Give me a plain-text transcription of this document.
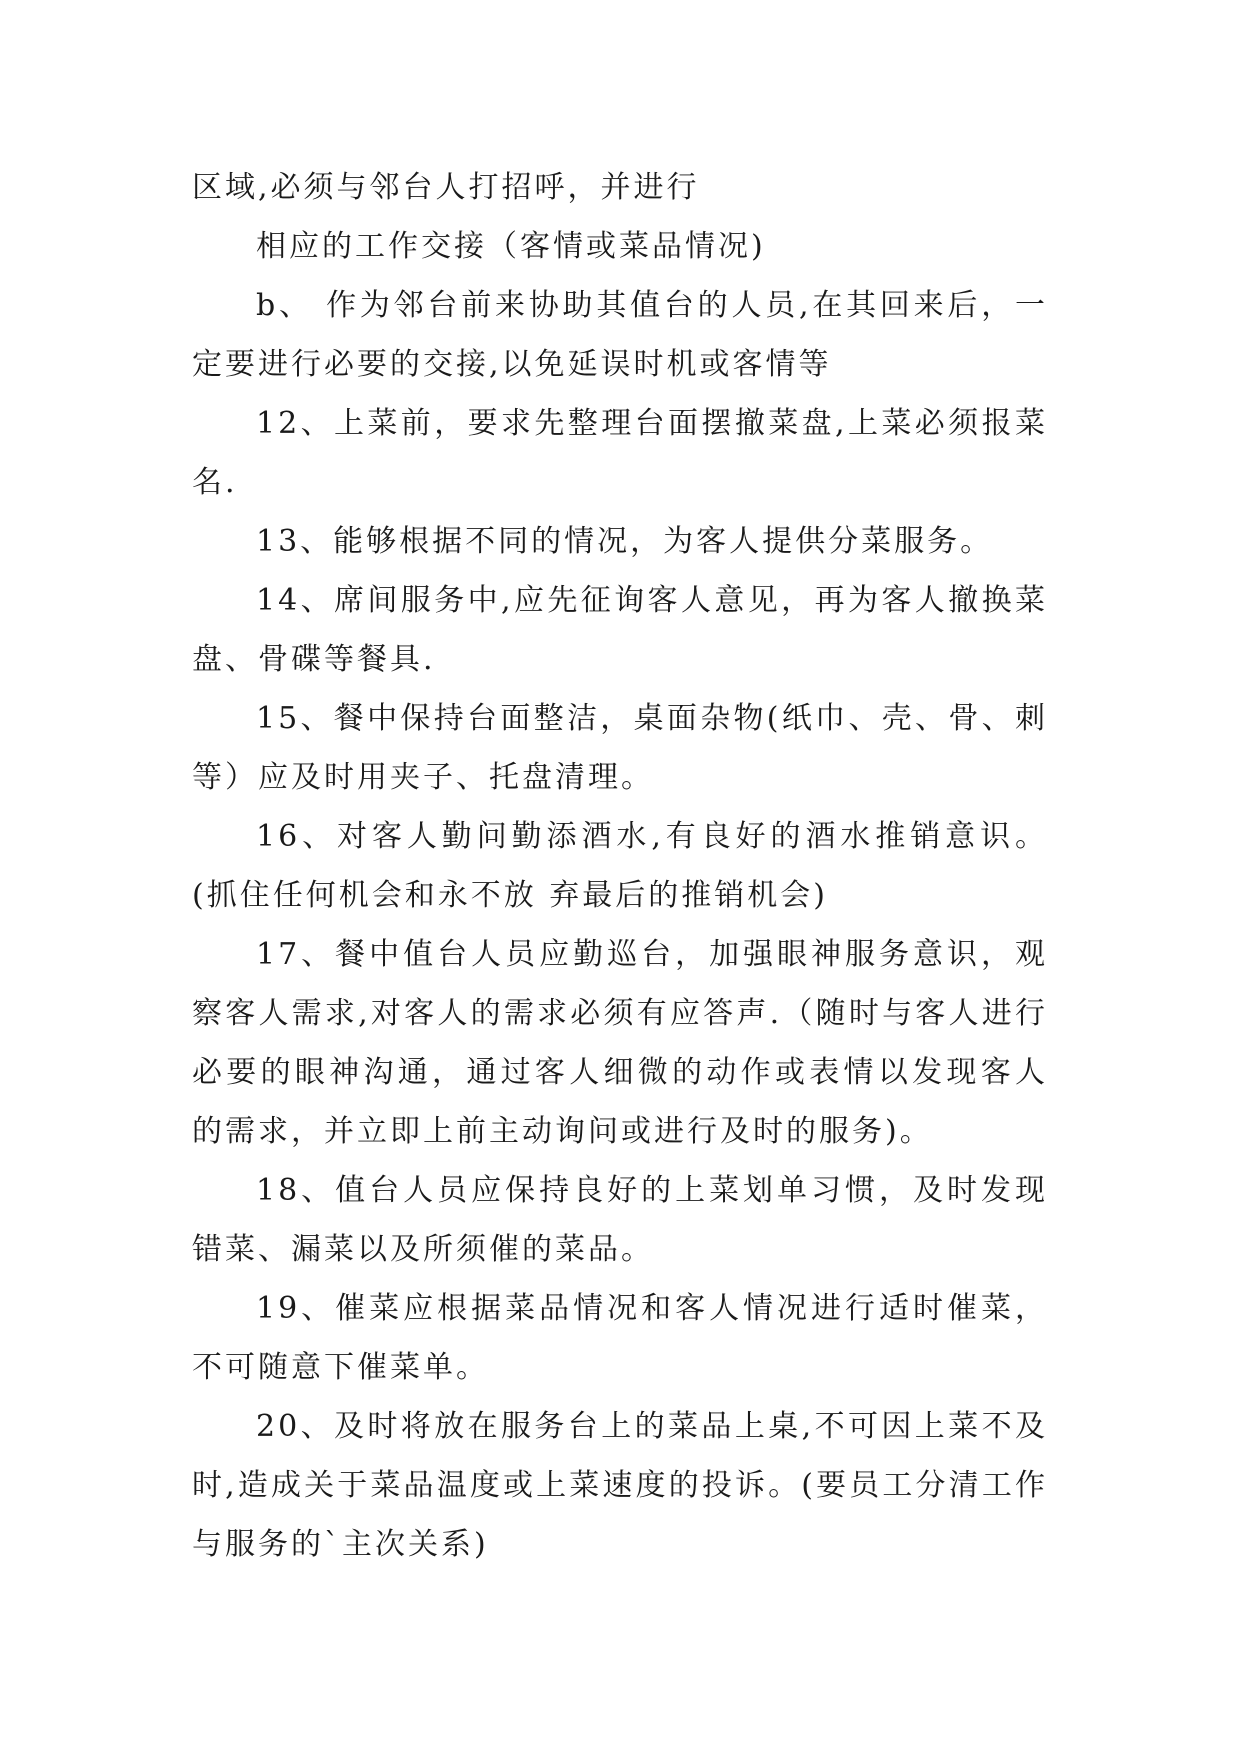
区域,必须与邻台人打招呼，并进行

相应的工作交接（客情或菜品情况)

b、 作为邻台前来协助其值台的人员,在其回来后，一定要进行必要的交接,以免延误时机或客情等

12、上菜前，要求先整理台面摆撤菜盘,上菜必须报菜名.

13、能够根据不同的情况，为客人提供分菜服务。

14、席间服务中,应先征询客人意见，再为客人撤换菜盘、骨碟等餐具.

15、餐中保持台面整洁，桌面杂物(纸巾、壳、骨、刺等）应及时用夹子、托盘清理。

16、对客人勤问勤添酒水,有良好的酒水推销意识。(抓住任何机会和永不放 弃最后的推销机会)

17、餐中值台人员应勤巡台，加强眼神服务意识，观察客人需求,对客人的需求必须有应答声.（随时与客人进行必要的眼神沟通，通过客人细微的动作或表情以发现客人的需求，并立即上前主动询问或进行及时的服务)。

18、值台人员应保持良好的上菜划单习惯，及时发现错菜、漏菜以及所须催的菜品。

19、催菜应根据菜品情况和客人情况进行适时催菜，不可随意下催菜单。

20、及时将放在服务台上的菜品上桌,不可因上菜不及时,造成关于菜品温度或上菜速度的投诉。(要员工分清工作与服务的`主次关系)
